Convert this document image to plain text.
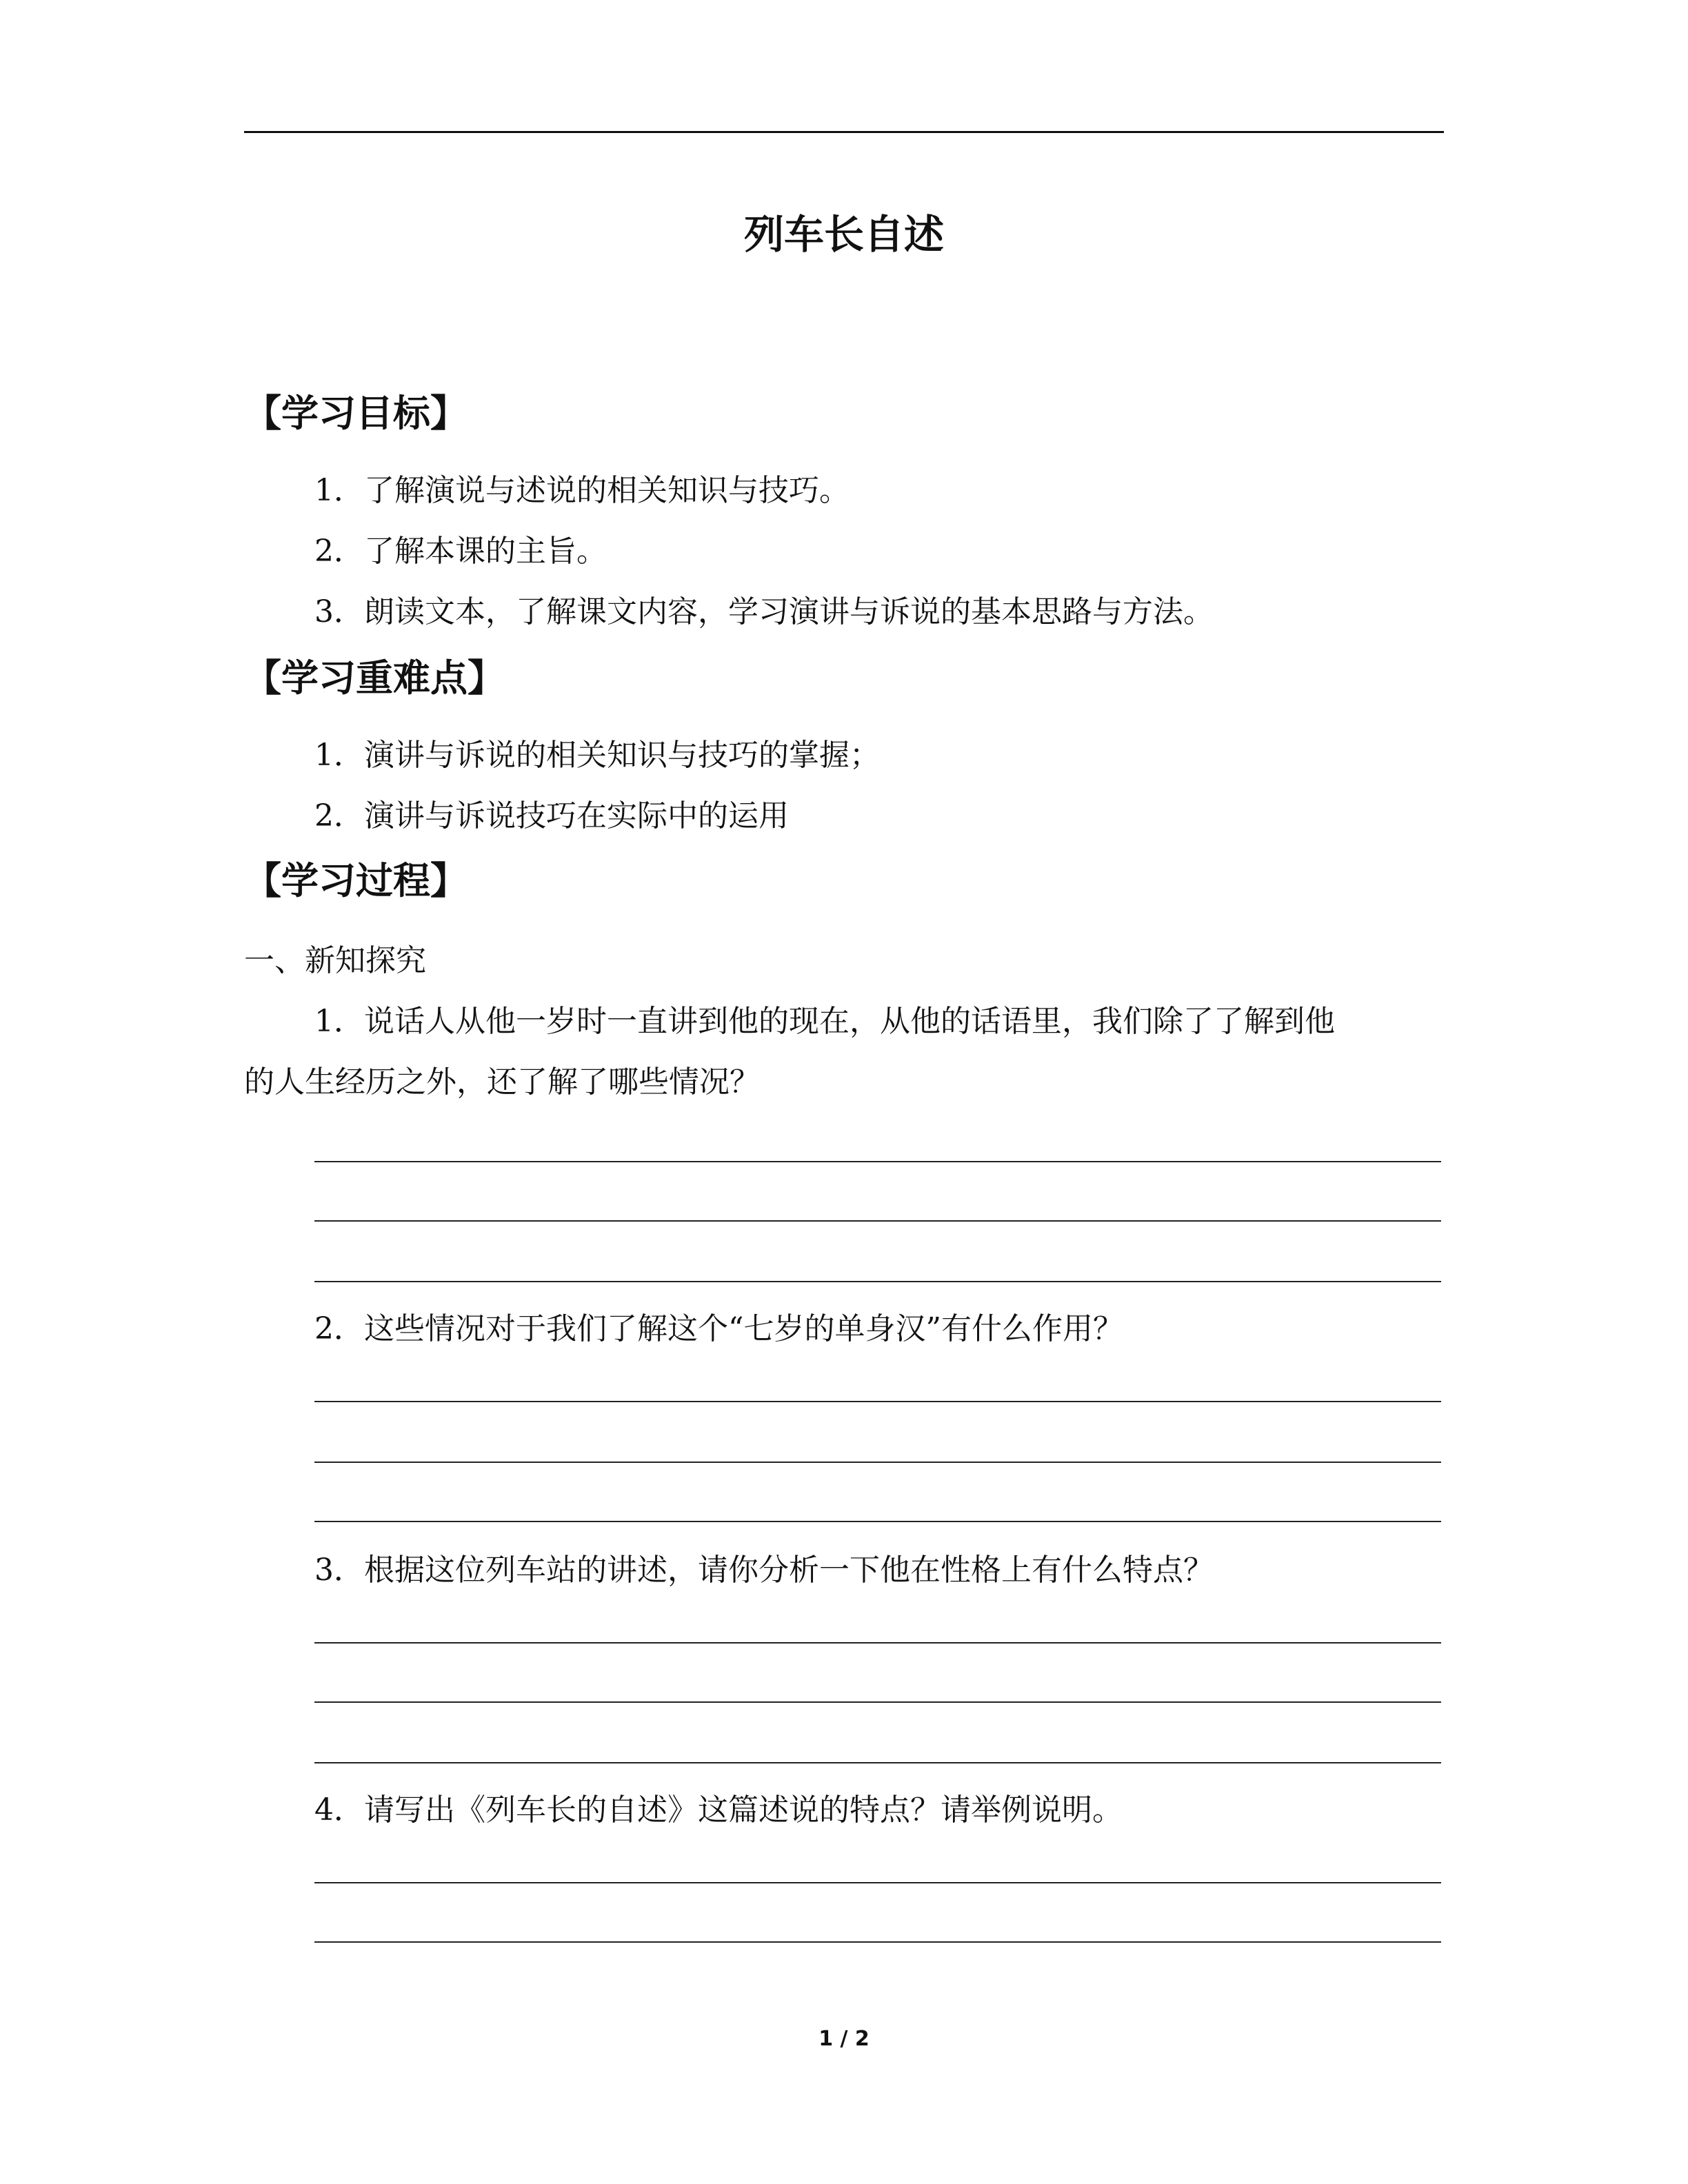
列车长自述
【学习目标】
1．了解演说与述说的相关知识与技巧。
2．了解本课的主旨。
3．朗读文本，了解课文内容，学习演讲与诉说的基本思路与方法。
【学习重难点】
1．演讲与诉说的相关知识与技巧的掌握；
2．演讲与诉说技巧在实际中的运用
【学习过程】
一、新知探究
1．说话人从他一岁时一直讲到他的现在，从他的话语里，我们除了了解到他
的人生经历之外，还了解了哪些情况？
2．这些情况对于我们了解这个“七岁的单身汉”有什么作用？
3．根据这位列车站的讲述，请你分析一下他在性格上有什么特点？
4．请写出《列车长的自述》这篇述说的特点？请举例说明。
1 / 2
